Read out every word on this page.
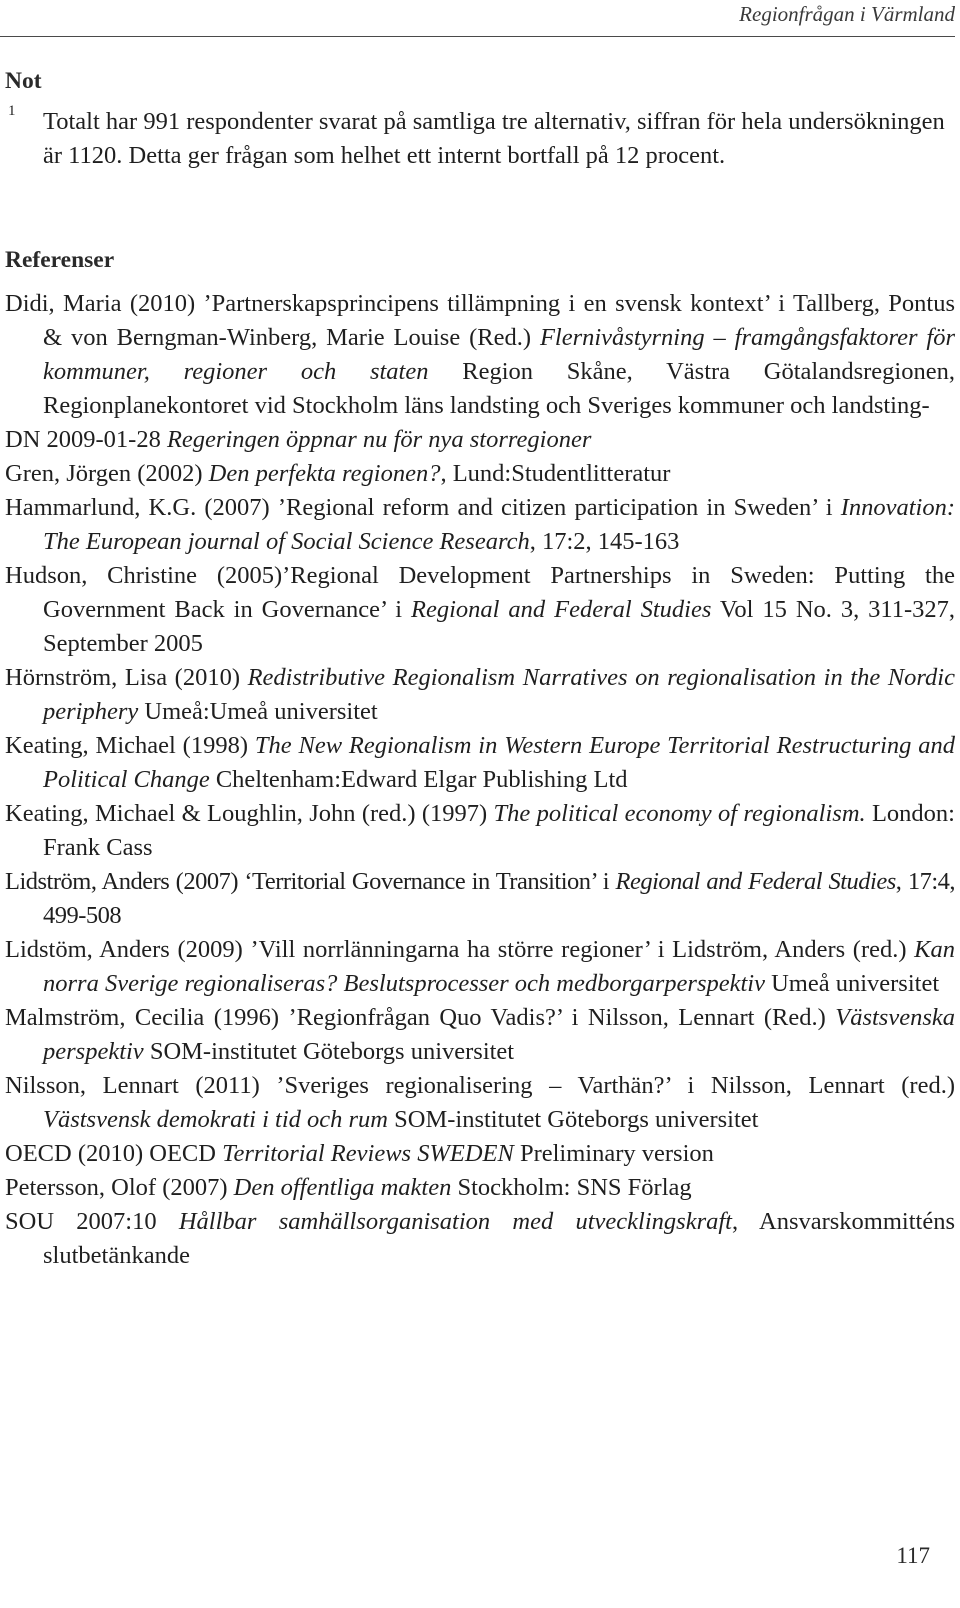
Regionfrågan i Värmland
Not
1 Totalt har 991 respondenter svarat på samtliga tre alternativ, siffran för hela undersökningen är 1120. Detta ger frågan som helhet ett internt bortfall på 12 procent.
Referenser
Didi, Maria (2010) ’Partnerskapsprincipens tillämpning i en svensk kontext’ i Tallberg, Pontus & von Berngman-Winberg, Marie Louise (Red.) Flernivåstyrning – framgångsfaktorer för kommuner, regioner och staten Region Skåne, Västra Götalandsregionen, Regionplanekontoret vid Stockholm läns landsting och Sveriges kommuner och landsting-
DN 2009-01-28 Regeringen öppnar nu för nya storregioner
Gren, Jörgen (2002) Den perfekta regionen?, Lund:Studentlitteratur
Hammarlund, K.G. (2007) ’Regional reform and citizen participation in Sweden’ i Innovation: The European journal of Social Science Research, 17:2, 145-163
Hudson, Christine (2005)’Regional Development Partnerships in Sweden: Putting the Government Back in Governance’ i Regional and Federal Studies Vol 15 No. 3, 311-327, September 2005
Hörnström, Lisa (2010) Redistributive Regionalism Narratives on regionalisation in the Nordic periphery Umeå:Umeå universitet
Keating, Michael (1998) The New Regionalism in Western Europe Territorial Restructuring and Political Change Cheltenham:Edward Elgar Publishing Ltd
Keating, Michael & Loughlin, John (red.) (1997) The political economy of regionalism. London: Frank Cass
Lidström, Anders (2007) ‘Territorial Governance in Transition’ i Regional and Federal Studies, 17:4, 499-508
Lidstöm, Anders (2009) ’Vill norrlänningarna ha större regioner’ i Lidström, Anders (red.) Kan norra Sverige regionaliseras? Beslutsprocesser och medborgarperspektiv Umeå universitet
Malmström, Cecilia (1996) ’Regionfrågan Quo Vadis?’ i Nilsson, Lennart (Red.) Västsvenska perspektiv SOM-institutet Göteborgs universitet
Nilsson, Lennart (2011) ’Sveriges regionalisering – Varthän?’ i Nilsson, Lennart (red.) Västsvensk demokrati i tid och rum SOM-institutet Göteborgs universitet
OECD (2010) OECD Territorial Reviews SWEDEN Preliminary version
Petersson, Olof (2007) Den offentliga makten Stockholm: SNS Förlag
SOU 2007:10 Hållbar samhällsorganisation med utvecklingskraft, Ansvarskommitténs slutbetänkande
117
